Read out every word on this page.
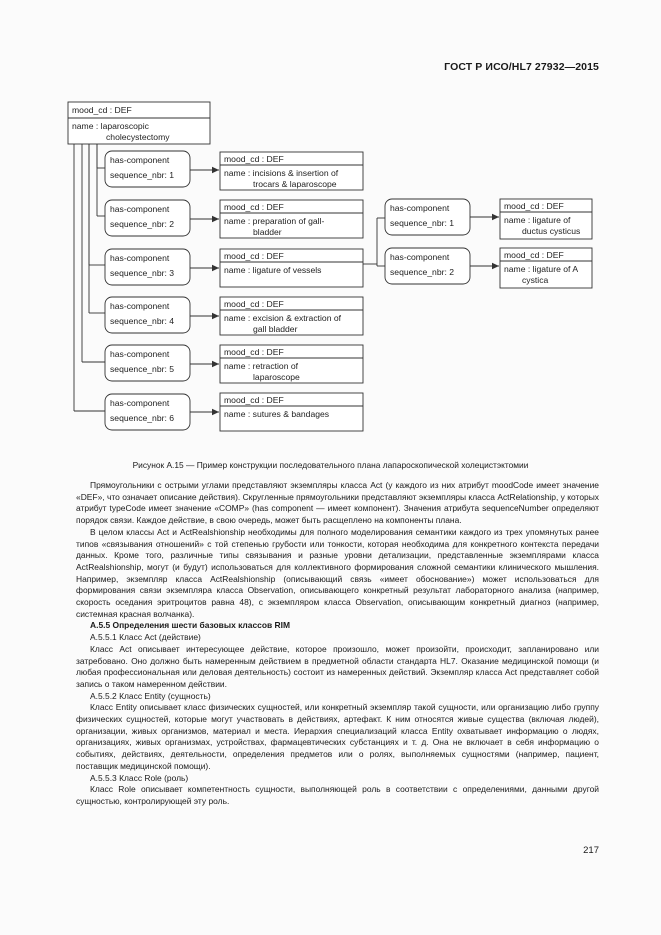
ГОСТ Р ИСО/HL7 27932—2015
mood_cd : DEF
name : laparoscopic
cholecystectomy
has-component
sequence_nbr: 1
has-component
sequence_nbr: 2
has-component
sequence_nbr: 3
has-component
sequence_nbr: 4
has-component
sequence_nbr: 5
has-component
sequence_nbr: 6
mood_cd : DEF
name : incisions & insertion of
trocars & laparoscope
mood_cd : DEF
name : preparation of gall-
bladder
mood_cd : DEF
name : ligature of vessels
mood_cd : DEF
name : excision & extraction of
gall bladder
mood_cd : DEF
name : retraction of
laparoscope
mood_cd : DEF
name : sutures & bandages
has-component
sequence_nbr: 1
has-component
sequence_nbr: 2
mood_cd : DEF
name : ligature of
ductus cysticus
mood_cd : DEF
name : ligature of A
cystica
Рисунок А.15 — Пример конструкции последовательного плана лапароскопической холецистэктомии

Прямоугольники с острыми углами представляют экземпляры класса Act (у каждого из них атрибут moodCode имеет значение «DEF», что означает описание действия). Скругленные прямоугольники представляют экземпляры класса ActRelationship, у которых атрибут typeCode имеет значение «COMP» (has component — имеет компонент). Значения атрибута sequenceNumber определяют порядок связи. Каждое действие, в свою очередь, может быть расщеплено на компоненты плана.

В целом классы Act и ActRealshionship необходимы для полного моделирования семантики каждого из трех упомянутых ранее типов «связывания отношений» с той степенью грубости или тонкости, которая необходима для конкретного контекста передачи данных. Кроме того, различные типы связывания и разные уровни детализации, представленные экземплярами класса ActRealshionship, могут (и будут) использоваться для коллективного формирования сложной семантики клинического мышления. Например, экземпляр класса ActRealshionship (описывающий связь «имеет обоснование») может использоваться для формирования связи экземпляра класса Observation, описывающего конкретный результат лабораторного анализа (например, скорость оседания эритроцитов равна 48), с экземпляром класса Observation, описывающим конкретный диагноз (например, системная красная волчанка).

А.5.5 Определения шести базовых классов RIM

А.5.5.1 Класс Act (действие)

Класс Act описывает интересующее действие, которое произошло, может произойти, происходит, запланировано или затребовано. Оно должно быть намеренным действием в предметной области стандарта HL7. Оказание медицинской помощи (и любая профессиональная или деловая деятельность) состоит из намеренных действий. Экземпляр класса Act представляет собой запись о таком намеренном действии.

А.5.5.2 Класс Entity (сущность)

Класс Entity описывает класс физических сущностей, или конкретный экземпляр такой сущности, или организацию либо группу физических сущностей, которые могут участвовать в действиях, артефакт. К ним относятся живые существа (включая людей), организации, живых организмов, материал и места. Иерархия специализаций класса Entity охватывает информацию о людях, организациях, живых организмах, устройствах, фармацевтических субстанциях и т. д. Она не включает в себя информацию о событиях, действиях, деятельности, определения предметов или о ролях, выполняемых сущностями (например, пациент, поставщик медицинской помощи).

А.5.5.3 Класс Role (роль)

Класс Role описывает компетентность сущности, выполняющей роль в соответствии с определениями, данными другой сущностью, контролирующей эту роль.

217
